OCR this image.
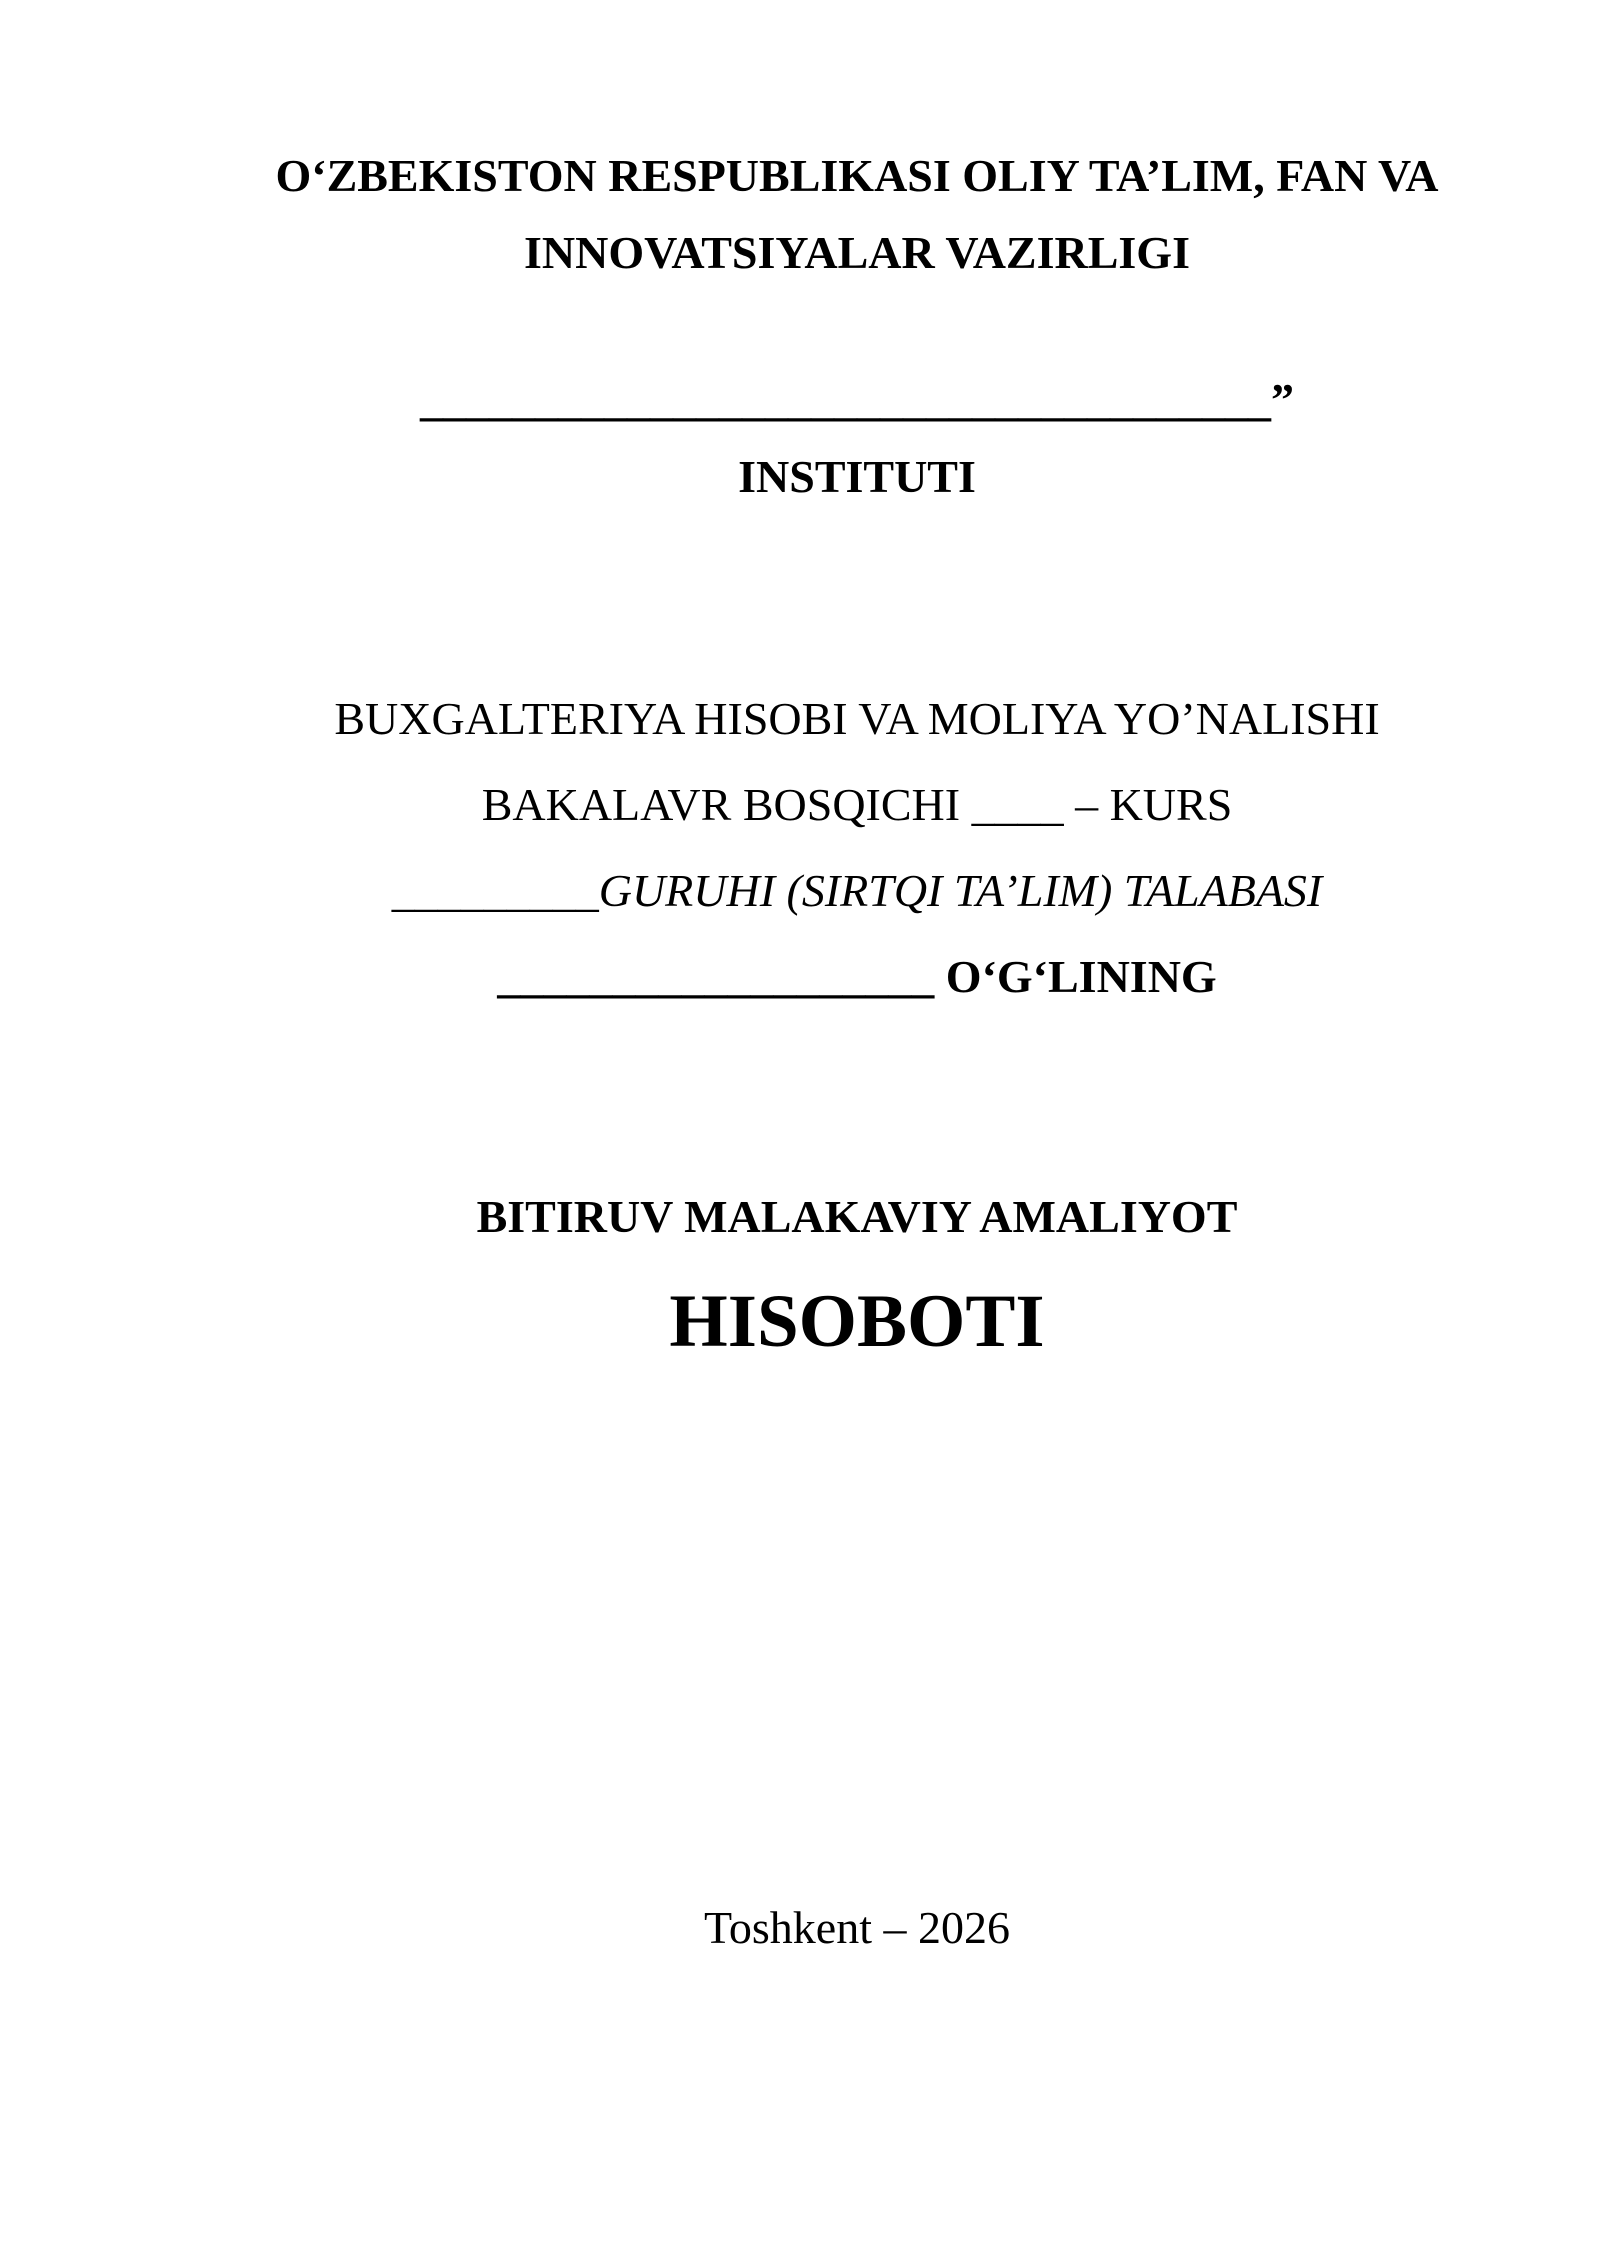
O‘ZBEKISTON RESPUBLIKASI OLIY TA’LIM, FAN VA

INNOVATSIYALAR VAZIRLIGI

_____________________________________”

INSTITUTI

BUXGALTERIYA HISOBI VA MOLIYA YO’NALISHI

BAKALAVR BOSQICHI ____ – KURS

_________GURUHI (SIRTQI TA’LIM) TALABASI

___________________ O‘G‘LINING

BITIRUV MALAKAVIY AMALIYOT

HISOBOTI

Toshkent – 2026
